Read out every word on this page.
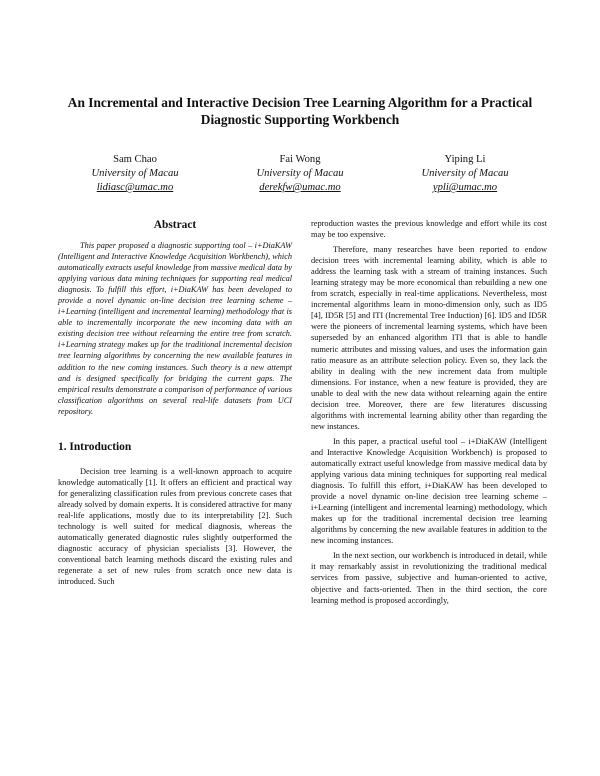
An Incremental and Interactive Decision Tree Learning Algorithm for a Practical Diagnostic Supporting Workbench
Sam Chao
University of Macau
lidiasc@umac.mo
Fai Wong
University of Macau
derekfw@umac.mo
Yiping Li
University of Macau
ypli@umac.mo
Abstract

This paper proposed a diagnostic supporting tool – i+DiaKAW (Intelligent and Interactive Knowledge Acquisition Workbench), which automatically extracts useful knowledge from massive medical data by applying various data mining techniques for supporting real medical diagnosis. To fulfill this effort, i+DiaKAW has been developed to provide a novel dynamic on-line decision tree learning scheme – i+Learning (intelligent and incremental learning) methodology that is able to incrementally incorporate the new incoming data with an existing decision tree without relearning the entire tree from scratch. i+Learning strategy makes up for the traditional incremental decision tree learning algorithms by concerning the new available features in addition to the new coming instances. Such theory is a new attempt and is designed specifically for bridging the current gaps. The empirical results demonstrate a comparison of performance of various classification algorithms on several real-life datasets from UCI repository.

1. Introduction

Decision tree learning is a well-known approach to acquire knowledge automatically [1]. It offers an efficient and practical way for generalizing classification rules from previous concrete cases that already solved by domain experts. It is considered attractive for many real-life applications, mostly due to its interpretability [2]. Such technology is well suited for medical diagnosis, whereas the automatically generated diagnostic rules slightly outperformed the diagnostic accuracy of physician specialists [3]. However, the conventional batch learning methods discard the existing rules and regenerate a set of new rules from scratch once new data is introduced. Such

reproduction wastes the previous knowledge and effort while its cost may be too expensive.

Therefore, many researches have been reported to endow decision trees with incremental learning ability, which is able to address the learning task with a stream of training instances. Such learning strategy may be more economical than rebuilding a new one from scratch, especially in real-time applications. Nevertheless, most incremental algorithms learn in mono-dimension only, such as ID5 [4], ID5R [5] and ITI (Incremental Tree Induction) [6]. ID5 and ID5R were the pioneers of incremental learning systems, which have been superseded by an enhanced algorithm ITI that is able to handle numeric attributes and missing values, and uses the information gain ratio measure as an attribute selection policy. Even so, they lack the ability in dealing with the new increment data from multiple dimensions. For instance, when a new feature is provided, they are unable to deal with the new data without relearning again the entire decision tree. Moreover, there are few literatures discussing algorithms with incremental learning ability other than regarding the new instances.

In this paper, a practical useful tool – i+DiaKAW (Intelligent and Interactive Knowledge Acquisition Workbench) is proposed to automatically extract useful knowledge from massive medical data by applying various data mining techniques for supporting real medical diagnosis. To fulfill this effort, i+DiaKAW has been developed to provide a novel dynamic on-line decision tree learning scheme – i+Learning (intelligent and incremental learning) methodology, which makes up for the traditional incremental decision tree learning algorithms by concerning the new available features in addition to the new incoming instances.

In the next section, our workbench is introduced in detail, while it may remarkably assist in revolutionizing the traditional medical services from passive, subjective and human-oriented to active, objective and facts-oriented. Then in the third section, the core learning method is proposed accordingly,
